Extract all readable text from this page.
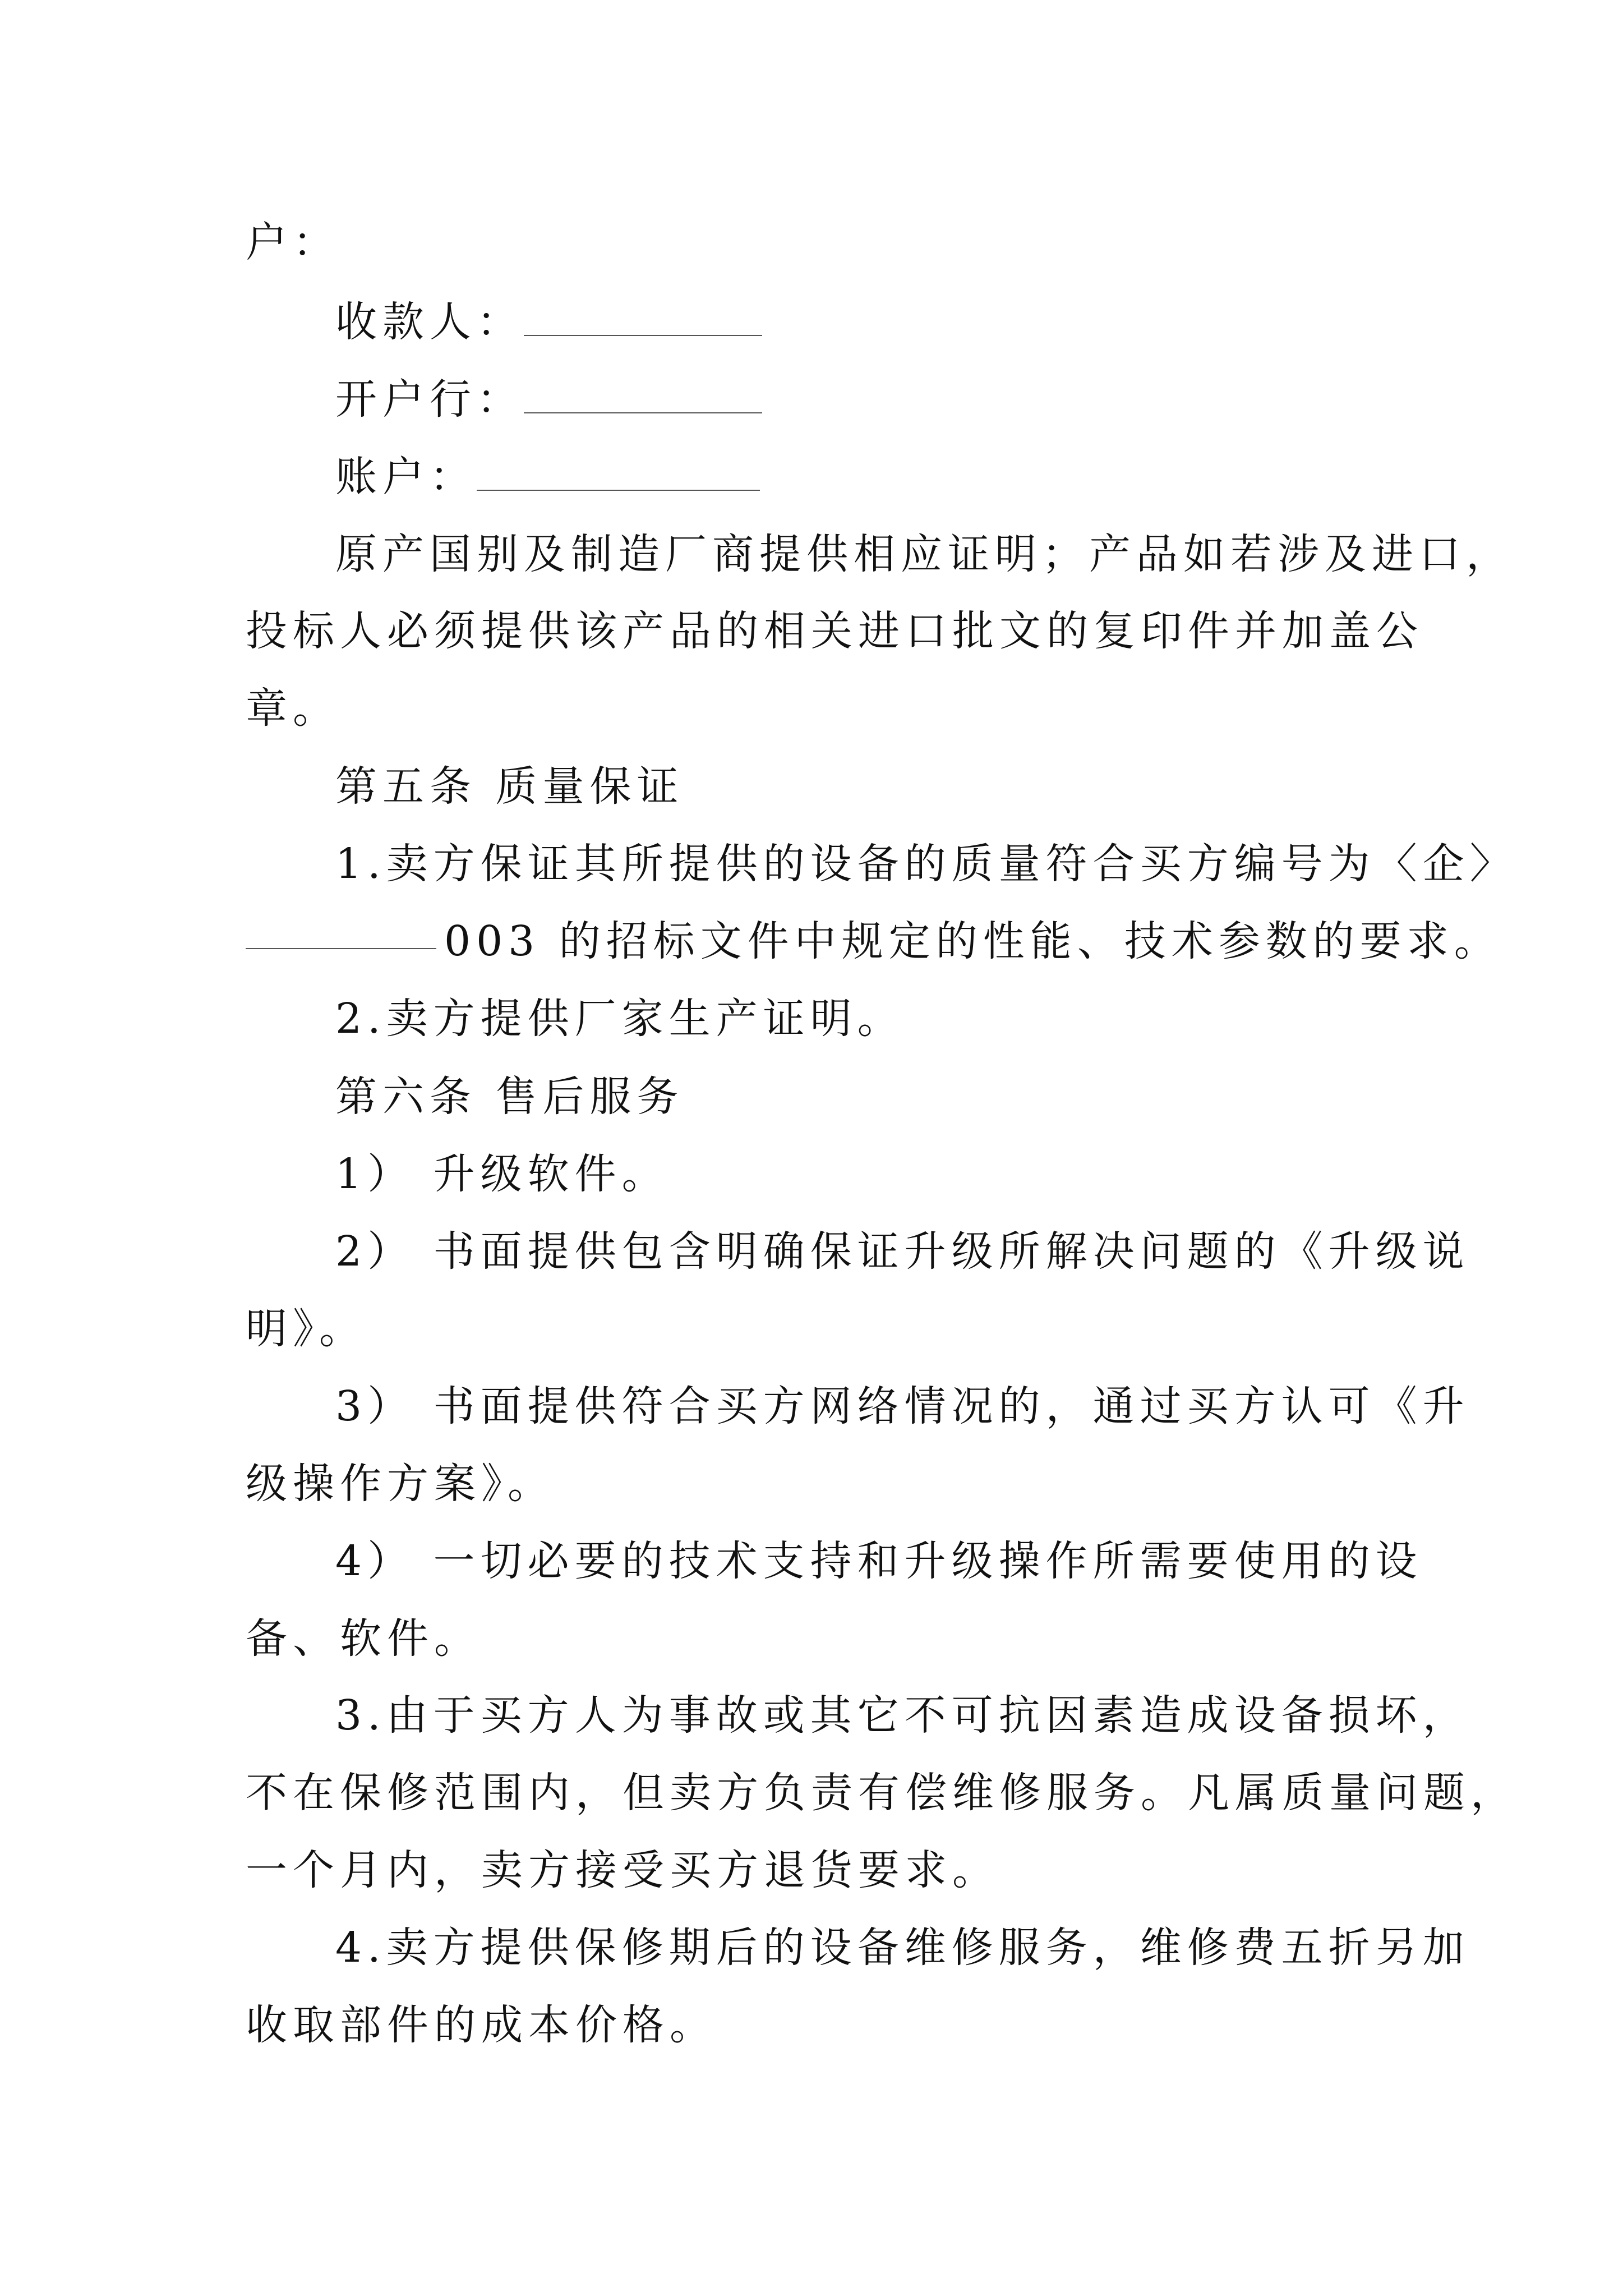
户：
收款人：
开户行：
账户：
原产国别及制造厂商提供相应证明；产品如若涉及进口，
投标人必须提供该产品的相关进口批文的复印件并加盖公
章。
第五条 质量保证
1.卖方保证其所提供的设备的质量符合买方编号为〈企〉
003 的招标文件中规定的性能、技术参数的要求。
2.卖方提供厂家生产证明。
第六条 售后服务
1） 升级软件。
2） 书面提供包含明确保证升级所解决问题的《升级说
明》。
3） 书面提供符合买方网络情况的，通过买方认可《升
级操作方案》。
4） 一切必要的技术支持和升级操作所需要使用的设
备、软件。
3.由于买方人为事故或其它不可抗因素造成设备损坏，
不在保修范围内，但卖方负责有偿维修服务。凡属质量问题，
一个月内，卖方接受买方退货要求。
4.卖方提供保修期后的设备维修服务，维修费五折另加
收取部件的成本价格。
